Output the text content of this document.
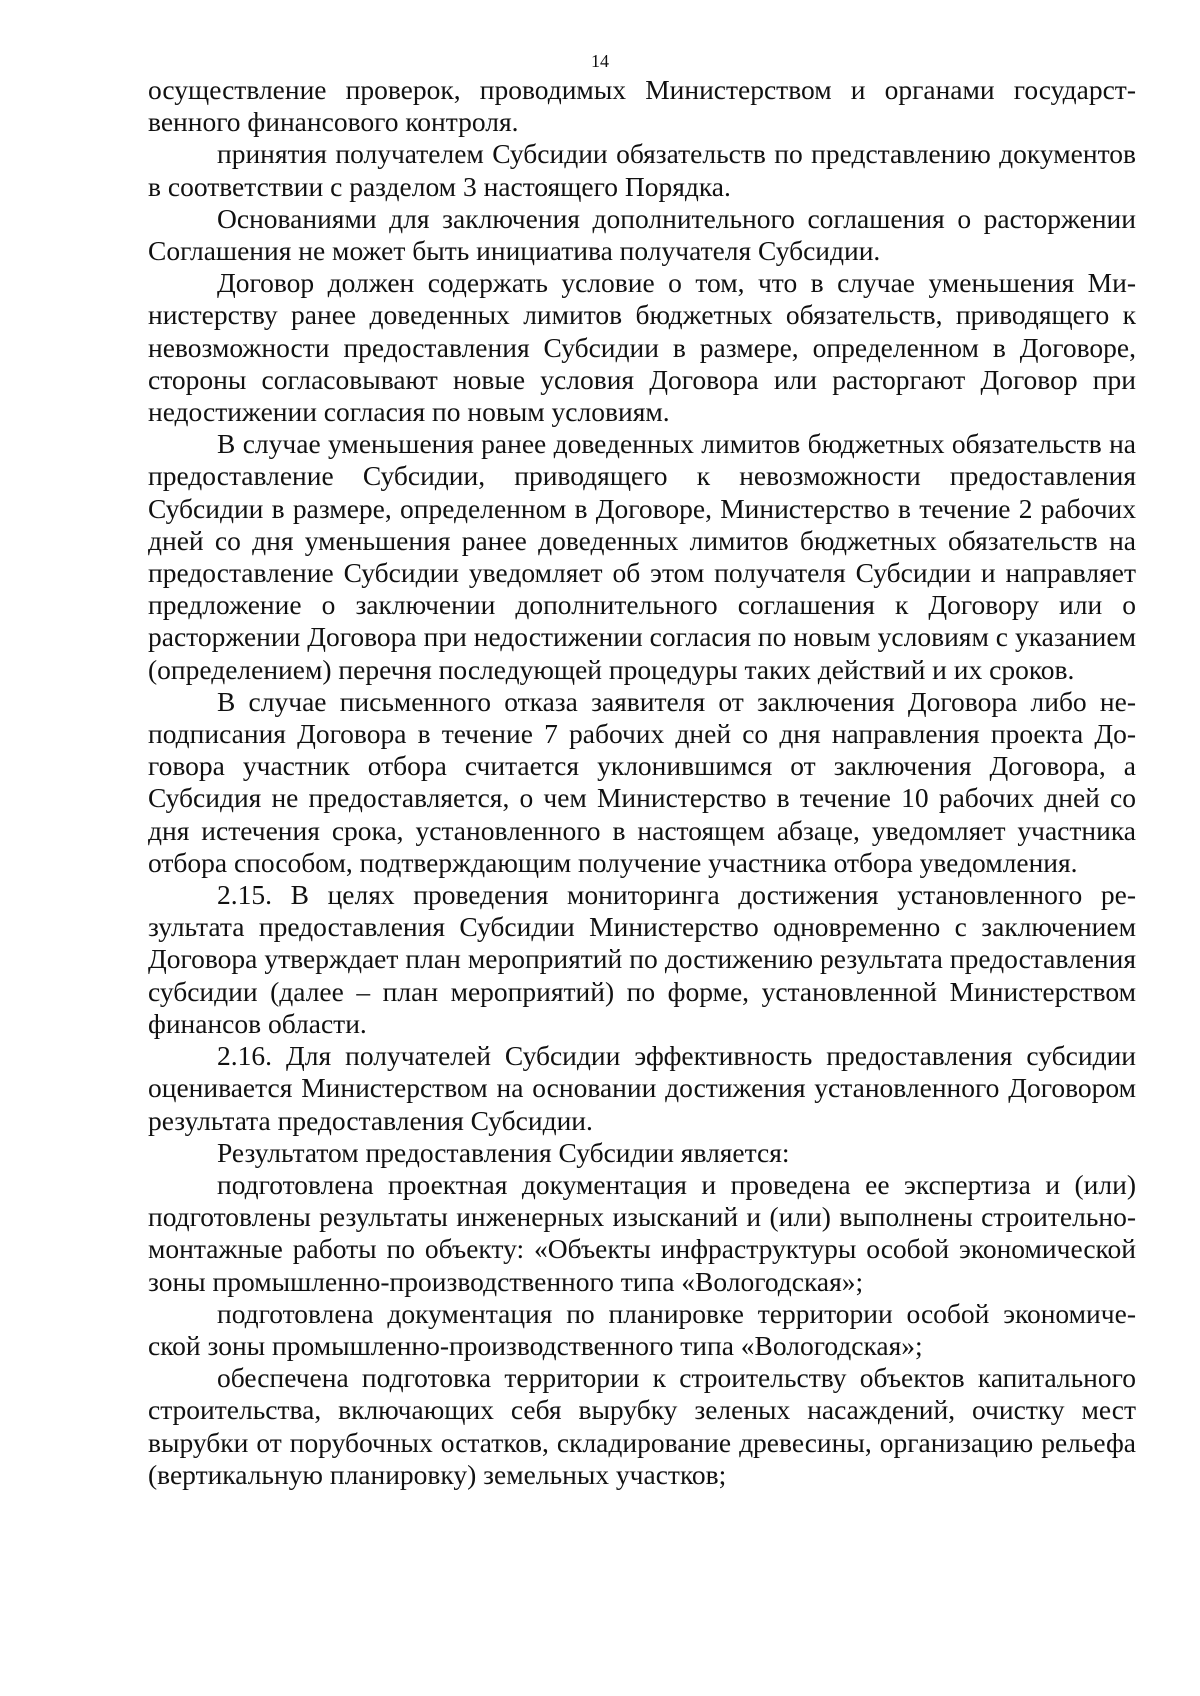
14

осуществление проверок, проводимых Министерством и органами государственного финансового контроля.

принятия получателем Субсидии обязательств по представлению документов в соответствии с разделом 3 настоящего Порядка.

Основаниями для заключения дополнительного соглашения о расторжении Соглашения не может быть инициатива получателя Субсидии.

Договор должен содержать условие о том, что в случае уменьшения Министерству ранее доведенных лимитов бюджетных обязательств, приводящего к невозможности предоставления Субсидии в размере, определенном в Договоре, стороны согласовывают новые условия Договора или расторгают Договор при недостижении согласия по новым условиям.

В случае уменьшения ранее доведенных лимитов бюджетных обязательств на предоставление Субсидии, приводящего к невозможности предоставления Субсидии в размере, определенном в Договоре, Министерство в течение 2 рабочих дней со дня уменьшения ранее доведенных лимитов бюджетных обязательств на предоставление Субсидии уведомляет об этом получателя Субсидии и направляет предложение о заключении дополнительного соглашения к Договору или о расторжении Договора при недостижении согласия по новым условиям с указанием (определением) перечня последующей процедуры таких действий и их сроков.

В случае письменного отказа заявителя от заключения Договора либо неподписания Договора в течение 7 рабочих дней со дня направления проекта Договора участник отбора считается уклонившимся от заключения Договора, а Субсидия не предоставляется, о чем Министерство в течение 10 рабочих дней со дня истечения срока, установленного в настоящем абзаце, уведомляет участника отбора способом, подтверждающим получение участника отбора уведомления.

2.15. В целях проведения мониторинга достижения установленного результата предоставления Субсидии Министерство одновременно с заключением Договора утверждает план мероприятий по достижению результата предоставления субсидии (далее – план мероприятий) по форме, установленной Министерством финансов области.

2.16. Для получателей Субсидии эффективность предоставления субсидии оценивается Министерством на основании достижения установленного Договором результата предоставления Субсидии.

Результатом предоставления Субсидии является:

подготовлена проектная документация и проведена ее экспертиза и (или) подготовлены результаты инженерных изысканий и (или) выполнены строительно-монтажные работы по объекту: «Объекты инфраструктуры особой экономической зоны промышленно-производственного типа «Вологодская»;

подготовлена документация по планировке территории особой экономической зоны промышленно-производственного типа «Вологодская»;

обеспечена подготовка территории к строительству объектов капитального строительства, включающих себя вырубку зеленых насаждений, очистку мест вырубки от порубочных остатков, складирование древесины, организацию рельефа (вертикальную планировку) земельных участков;
